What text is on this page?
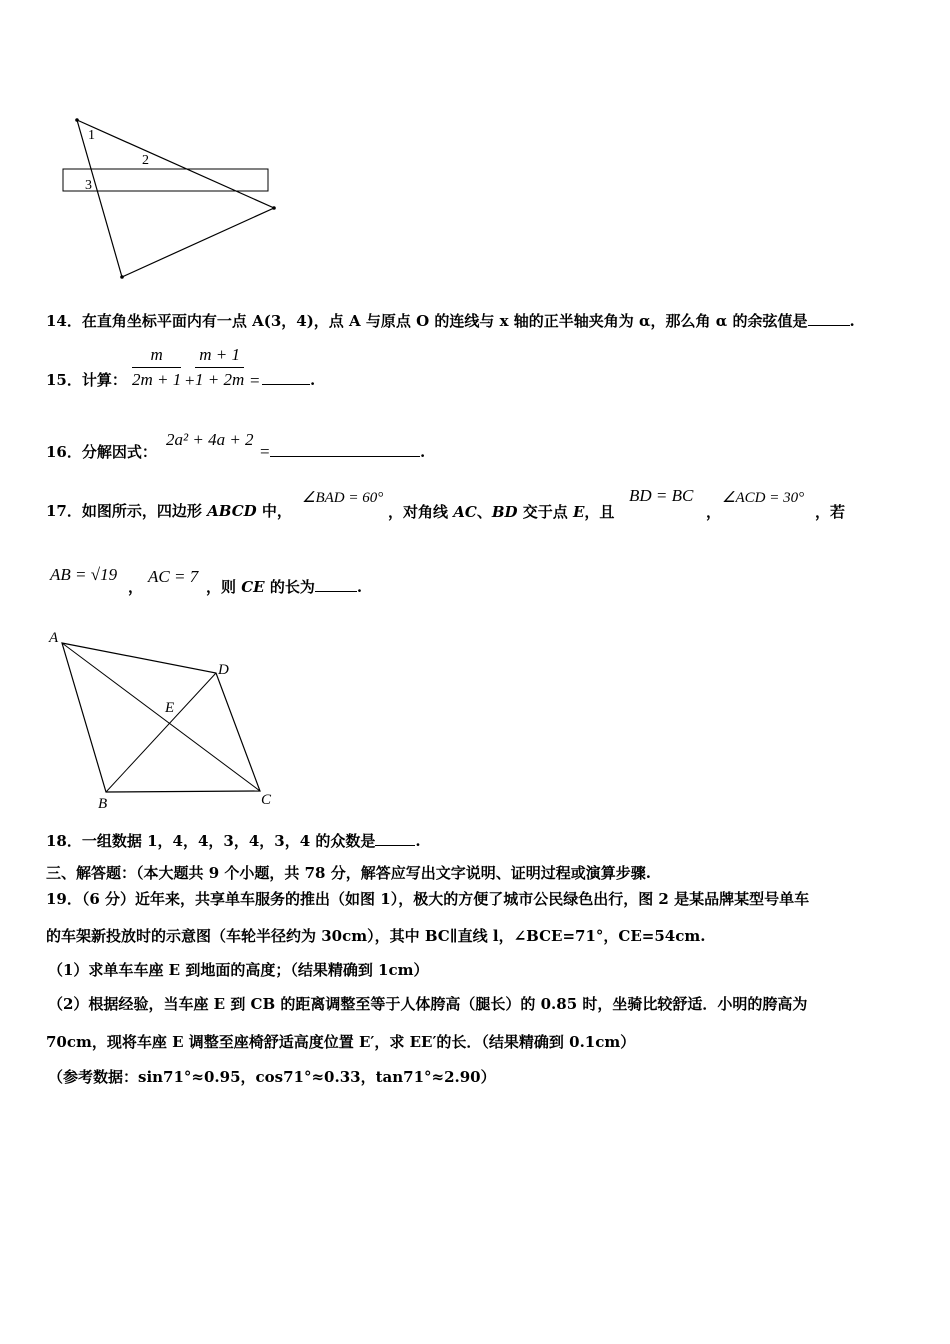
1
2
3
14．在直角坐标平面内有一点 A(3，4)，点 A 与原点 O 的连线与 x 轴的正半轴夹角为 α，那么角 α 的余弦值是	.
15．计算： $\frac{m}{2m + 1} + \frac{m + 1}{1 + 2m}$ =	.
16．分解因式：
2a² + 4a + 2
=	.
17．如图所示，四边形 ABCD 中，
∠BAD = 60°
，对角线 AC、BD 交于点 E，且
BD = BC
，
∠ACD = 30°
，若
AB = √19
，
AC = 7
，则 CE 的长为	.
A
D
E
B	C
18．一组数据 1，4，4，3，4，3，4 的众数是	.
三、解答题：（本大题共 9 个小题，共 78 分，解答应写出文字说明、证明过程或演算步骤.
19．（6 分）近年来，共享单车服务的推出（如图 1），极大的方便了城市公民绿色出行，图 2 是某品牌某型号单车
的车架新投放时的示意图（车轮半径约为 30cm），其中 BC∥直线 l，∠BCE=71°，CE=54cm.
（1）求单车车座 E 到地面的高度；（结果精确到 1cm）
（2）根据经验，当车座 E 到 CB 的距离调整至等于人体胯高（腿长）的 0.85 时，坐骑比较舒适．小明的胯高为
70cm，现将车座 E 调整至座椅舒适高度位置 E′，求 EE′的长．（结果精确到 0.1cm）
（参考数据：sin71°≈0.95，cos71°≈0.33，tan71°≈2.90）
